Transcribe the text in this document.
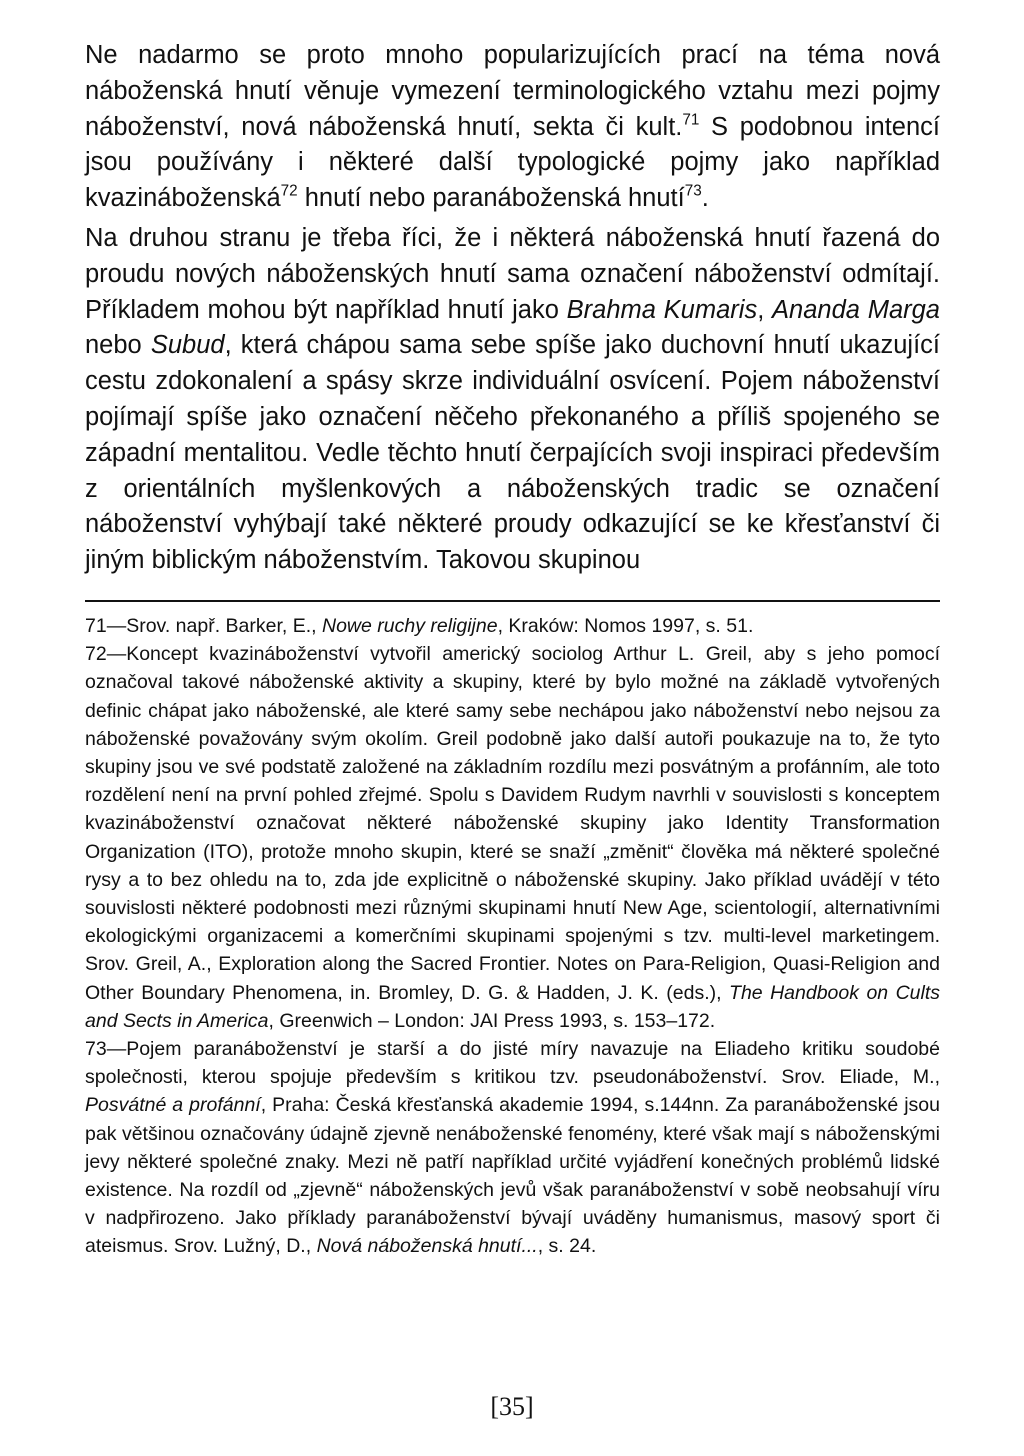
Ne nadarmo se proto mnoho popularizujících prací na téma nová náboženská hnutí věnuje vymezení terminologického vztahu mezi pojmy náboženství, nová náboženská hnutí, sekta či kult.$^{71}$ S podobnou intencí jsou používány i některé další typologické pojmy jako například kvazináboženská$^{72}$ hnutí nebo paranáboženská hnutí$^{73}$.

Na druhou stranu je třeba říci, že i některá náboženská hnutí řazená do proudu nových náboženských hnutí sama označení náboženství odmítají. Příkladem mohou být například hnutí jako Brahma Kumaris, Ananda Marga nebo Subud, která chápou sama sebe spíše jako duchovní hnutí ukazující cestu zdokonalení a spásy skrze individuální osvícení. Pojem náboženství pojímají spíše jako označení něčeho překonaného a příliš spojeného se západní mentalitou. Vedle těchto hnutí čerpajících svoji inspiraci především z orientálních myšlenkových a náboženských tradic se označení náboženství vyhýbají také některé proudy odkazující se ke křesťanství či jiným biblickým náboženstvím. Takovou skupinou

71—Srov. např. Barker, E., Nowe ruchy religijne, Kraków: Nomos 1997, s. 51.

72—Koncept kvazináboženství vytvořil americký sociolog Arthur L. Greil, aby s jeho pomocí označoval takové náboženské aktivity a skupiny, které by bylo možné na základě vytvořených definic chápat jako náboženské, ale které samy sebe nechápou jako náboženství nebo nejsou za náboženské považovány svým okolím. Greil podobně jako další autoři poukazuje na to, že tyto skupiny jsou ve své podstatě založené na základním rozdílu mezi posvátným a profánním, ale toto rozdělení není na první pohled zřejmé. Spolu s Davidem Rudym navrhli v souvislosti s konceptem kvazináboženství označovat některé náboženské skupiny jako Identity Transformation Organization (ITO), protože mnoho skupin, které se snaží „změnit“ člověka má některé společné rysy a to bez ohledu na to, zda jde explicitně o náboženské skupiny. Jako příklad uvádějí v této souvislosti některé podobnosti mezi různými skupinami hnutí New Age, scientologií, alternativními ekologickými organizacemi a komerčními skupinami spojenými s tzv. multi-level marketingem. Srov. Greil, A., Exploration along the Sacred Frontier. Notes on Para-Religion, Quasi-Religion and Other Boundary Phenomena, in. Bromley, D. G. & Hadden, J. K. (eds.), The Handbook on Cults and Sects in America, Greenwich – London: JAI Press 1993, s. 153–172.

73—Pojem paranáboženství je starší a do jisté míry navazuje na Eliadeho kritiku soudobé společnosti, kterou spojuje především s kritikou tzv. pseudonáboženství. Srov. Eliade, M., Posvátné a profánní, Praha: Česká křesťanská akademie 1994, s.144nn. Za paranáboženské jsou pak většinou označovány údajně zjevně nenáboženské fenomény, které však mají s náboženskými jevy některé společné znaky. Mezi ně patří například určité vyjádření konečných problémů lidské existence. Na rozdíl od „zjevně“ náboženských jevů však paranáboženství v sobě neobsahují víru v nadpřirozeno. Jako příklady paranáboženství bývají uváděny humanismus, masový sport či ateismus. Srov. Lužný, D., Nová náboženská hnutí..., s. 24.

[35]
